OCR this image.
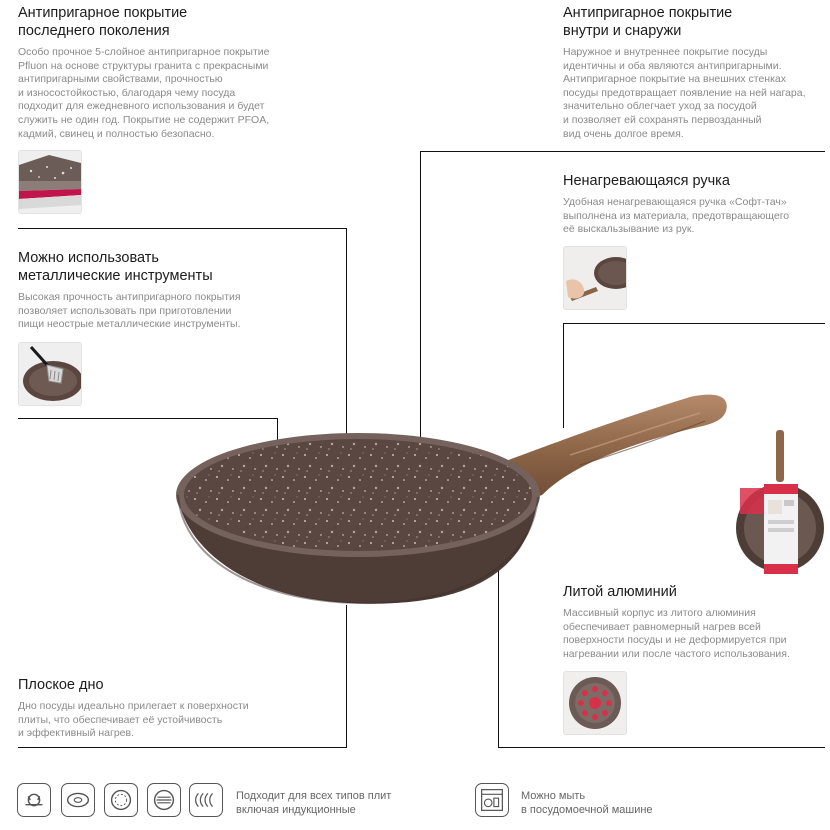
Антипригарное покрытие
последнего поколения

Особо прочное 5-слойное антипригарное покрытие
Pfluon на основе структуры гранита с прекрасными
антипригарными свойствами, прочностью
и износостойкостью, благодаря чему посуда
подходит для ежедневного использования и будет
служить не один год. Покрытие не содержит PFOA,
кадмий, свинец и полностью безопасно.

Антипригарное покрытие
внутри и снаружи

Наружное и внутреннее покрытие посуды
идентичны и оба являются антипригарными.
Антипригарное покрытие на внешних стенках
посуды предотвращает появление на ней нагара,
значительно облегчает уход за посудой
и позволяет ей сохранять первозданный
вид очень долгое время.

Ненагревающаяся ручка

Удобная ненагревающаяся ручка «Софт-тач»
выполнена из материала, предотвращающего
её выскальзывание из рук.

Можно использовать
металлические инструменты

Высокая прочность антипригарного покрытия
позволяет использовать при приготовлении
пищи неострые металлические инструменты.

Литой алюминий

Массивный корпус из литого алюминия
обеспечивает равномерный нагрев всей
поверхности посуды и не деформируется при
нагревании или после частого использования.

Плоское дно

Дно посуды идеально прилегает к поверхности
плиты, что обеспечивает её устойчивость
и эффективный нагрев.

Подходит для всех типов плит
включая индукционные
Можно мыть
в посудомоечной машине
